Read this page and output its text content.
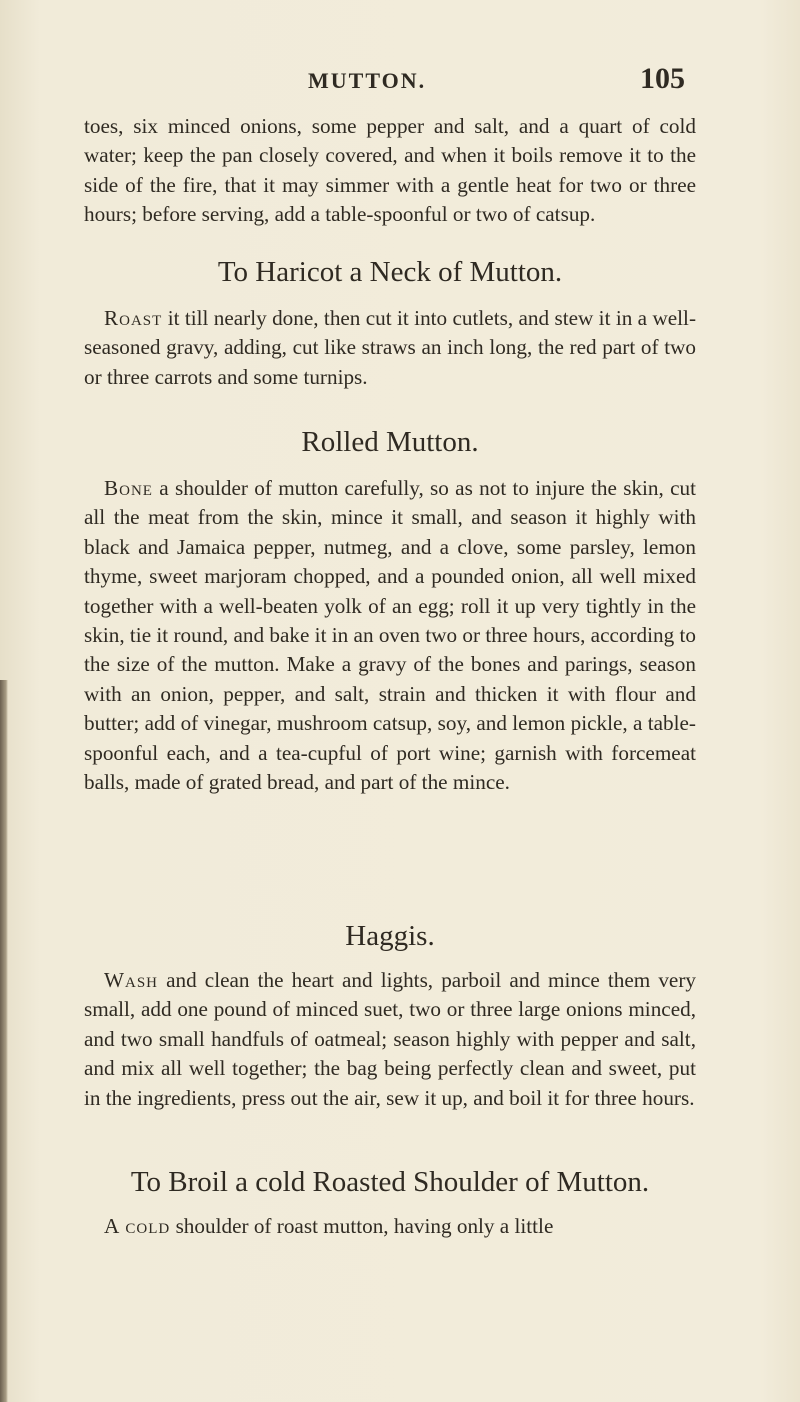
MUTTON.	105

toes, six minced onions, some pepper and salt, and a quart of cold water; keep the pan closely covered, and when it boils remove it to the side of the fire, that it may simmer with a gentle heat for two or three hours; before serving, add a table-spoonful or two of catsup.

To Haricot a Neck of Mutton.

Roast it till nearly done, then cut it into cutlets, and stew it in a well-seasoned gravy, adding, cut like straws an inch long, the red part of two or three carrots and some turnips.

Rolled Mutton.

Bone a shoulder of mutton carefully, so as not to injure the skin, cut all the meat from the skin, mince it small, and season it highly with black and Jamaica pepper, nutmeg, and a clove, some parsley, lemon thyme, sweet marjoram chopped, and a pounded onion, all well mixed together with a well-beaten yolk of an egg; roll it up very tightly in the skin, tie it round, and bake it in an oven two or three hours, according to the size of the mutton. Make a gravy of the bones and parings, season with an onion, pepper, and salt, strain and thicken it with flour and butter; add of vinegar, mushroom catsup, soy, and lemon pickle, a table-spoonful each, and a tea-cupful of port wine; garnish with forcemeat balls, made of grated bread, and part of the mince.

Haggis.

Wash and clean the heart and lights, parboil and mince them very small, add one pound of minced suet, two or three large onions minced, and two small handfuls of oatmeal; season highly with pepper and salt, and mix all well together; the bag being perfectly clean and sweet, put in the ingredients, press out the air, sew it up, and boil it for three hours.

To Broil a cold Roasted Shoulder of Mutton.

A cold shoulder of roast mutton, having only a little
